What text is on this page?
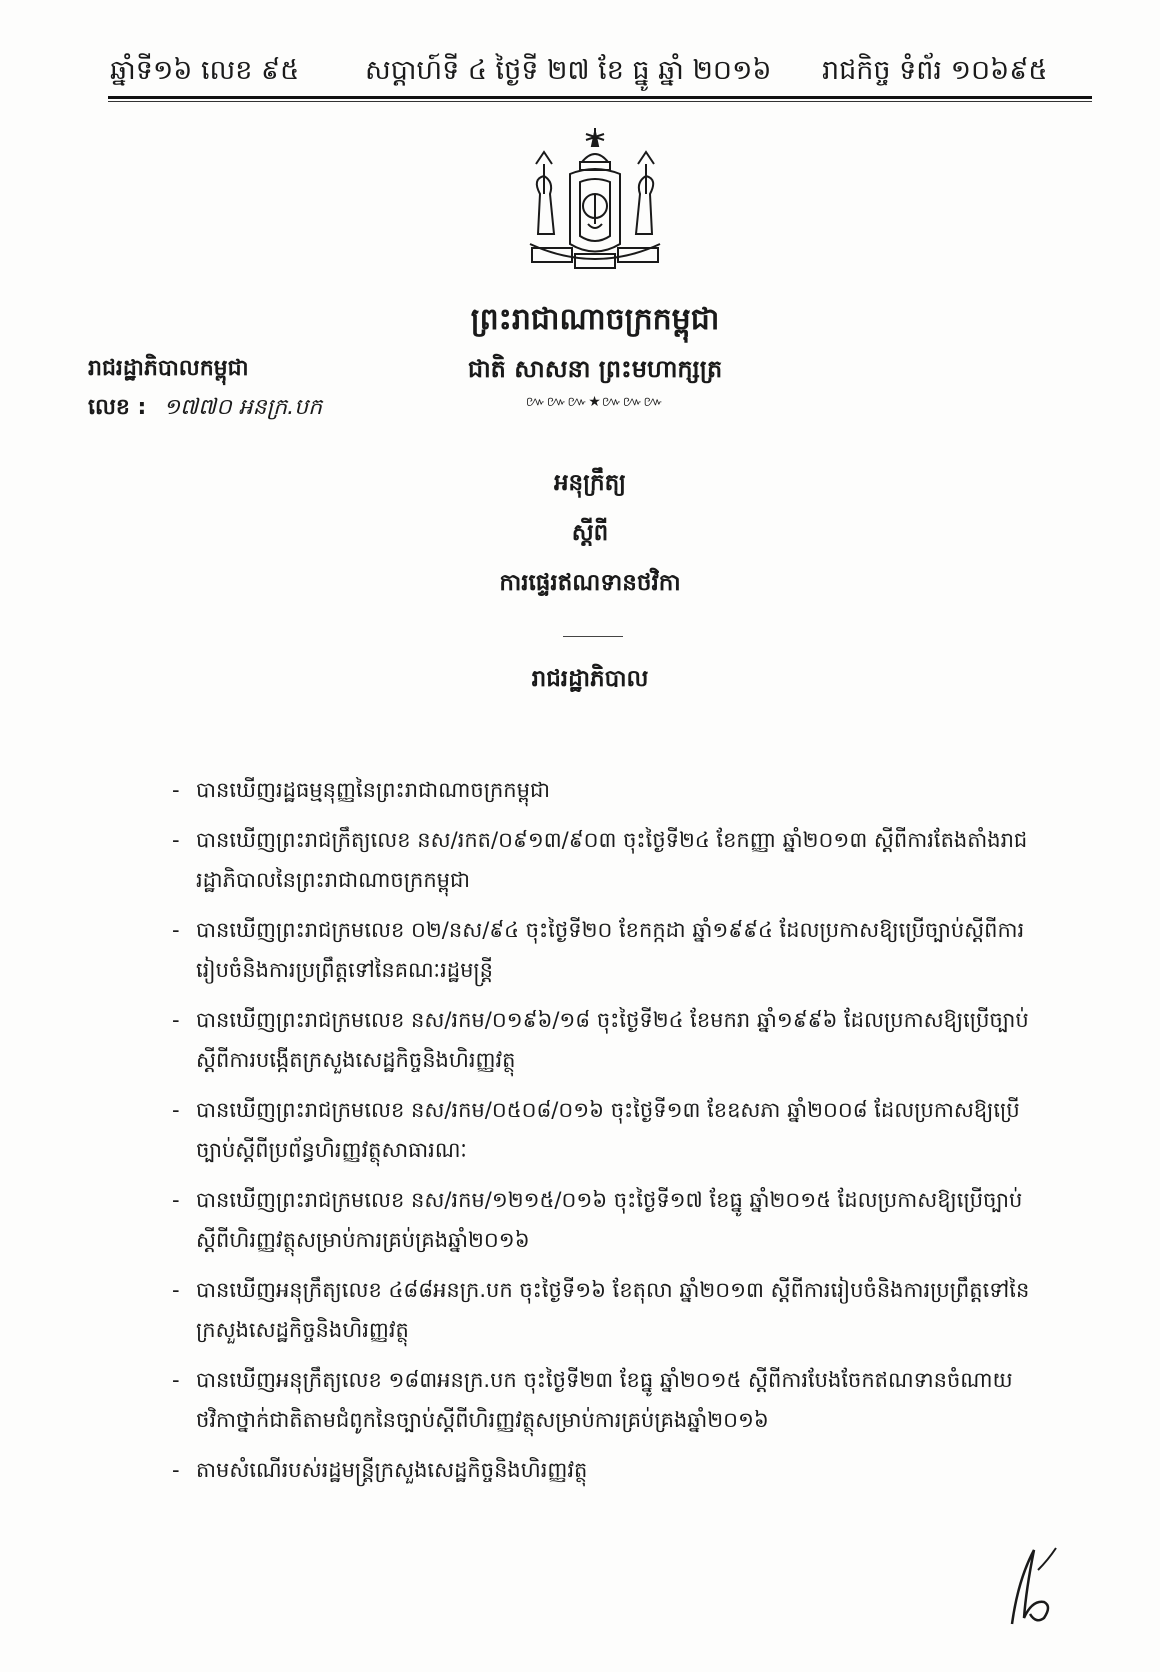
ឆ្នាំទី១៦ លេខ ៩៥ សប្តាហ៍ទី ៤ ថ្ងៃទី ២៧ ខែ ធ្នូ ឆ្នាំ ២០១៦ រាជកិច្ច ទំព័រ ១០៦៩៥
ព្រះរាជាណាចក្រកម្ពុជា
ជាតិ សាសនា ព្រះមហាក្សត្រ
៚៚៚★៚៚៚
រាជរដ្ឋាភិបាលកម្ពុជា
លេខ : ១៧៧០ អនក្រ.បក
អនុក្រឹត្យ
ស្តីពី
ការផ្ទេរឥណទានថវិកា
រាជរដ្ឋាភិបាល
- បានឃើញរដ្ឋធម្មនុញ្ញនៃព្រះរាជាណាចក្រកម្ពុជា
- បានឃើញព្រះរាជក្រឹត្យលេខ នស/រកត/០៩១៣/៩០៣ ចុះថ្ងៃទី២៤ ខែកញ្ញា ឆ្នាំ២០១៣ ស្តីពីការតែងតាំងរាជរដ្ឋាភិបាលនៃព្រះរាជាណាចក្រកម្ពុជា
- បានឃើញព្រះរាជក្រមលេខ ០២/នស/៩៤ ចុះថ្ងៃទី២០ ខែកក្កដា ឆ្នាំ១៩៩៤ ដែលប្រកាសឱ្យប្រើច្បាប់ស្តីពីការរៀបចំនិងការប្រព្រឹត្តទៅនៃគណៈរដ្ឋមន្ត្រី
- បានឃើញព្រះរាជក្រមលេខ នស/រកម/០១៩៦/១៨ ចុះថ្ងៃទី២៤ ខែមករា ឆ្នាំ១៩៩៦ ដែលប្រកាសឱ្យប្រើច្បាប់ស្តីពីការបង្កើតក្រសួងសេដ្ឋកិច្ចនិងហិរញ្ញវត្ថុ
- បានឃើញព្រះរាជក្រមលេខ នស/រកម/០៥០៨/០១៦ ចុះថ្ងៃទី១៣ ខែឧសភា ឆ្នាំ២០០៨ ដែលប្រកាសឱ្យប្រើច្បាប់ស្តីពីប្រព័ន្ធហិរញ្ញវត្ថុសាធារណៈ
- បានឃើញព្រះរាជក្រមលេខ នស/រកម/១២១៥/០១៦ ចុះថ្ងៃទី១៧ ខែធ្នូ ឆ្នាំ២០១៥ ដែលប្រកាសឱ្យប្រើច្បាប់ស្តីពីហិរញ្ញវត្ថុសម្រាប់ការគ្រប់គ្រងឆ្នាំ២០១៦
- បានឃើញអនុក្រឹត្យលេខ ៤៨៨អនក្រ.បក ចុះថ្ងៃទី១៦ ខែតុលា ឆ្នាំ២០១៣ ស្តីពីការរៀបចំនិងការប្រព្រឹត្តទៅនៃក្រសួងសេដ្ឋកិច្ចនិងហិរញ្ញវត្ថុ
- បានឃើញអនុក្រឹត្យលេខ ១៨៣អនក្រ.បក ចុះថ្ងៃទី២៣ ខែធ្នូ ឆ្នាំ២០១៥ ស្តីពីការបែងចែកឥណទានចំណាយថវិកាថ្នាក់ជាតិតាមជំពូកនៃច្បាប់ស្តីពីហិរញ្ញវត្ថុសម្រាប់ការគ្រប់គ្រងឆ្នាំ២០១៦
- តាមសំណើរបស់រដ្ឋមន្ត្រីក្រសួងសេដ្ឋកិច្ចនិងហិរញ្ញវត្ថុ
